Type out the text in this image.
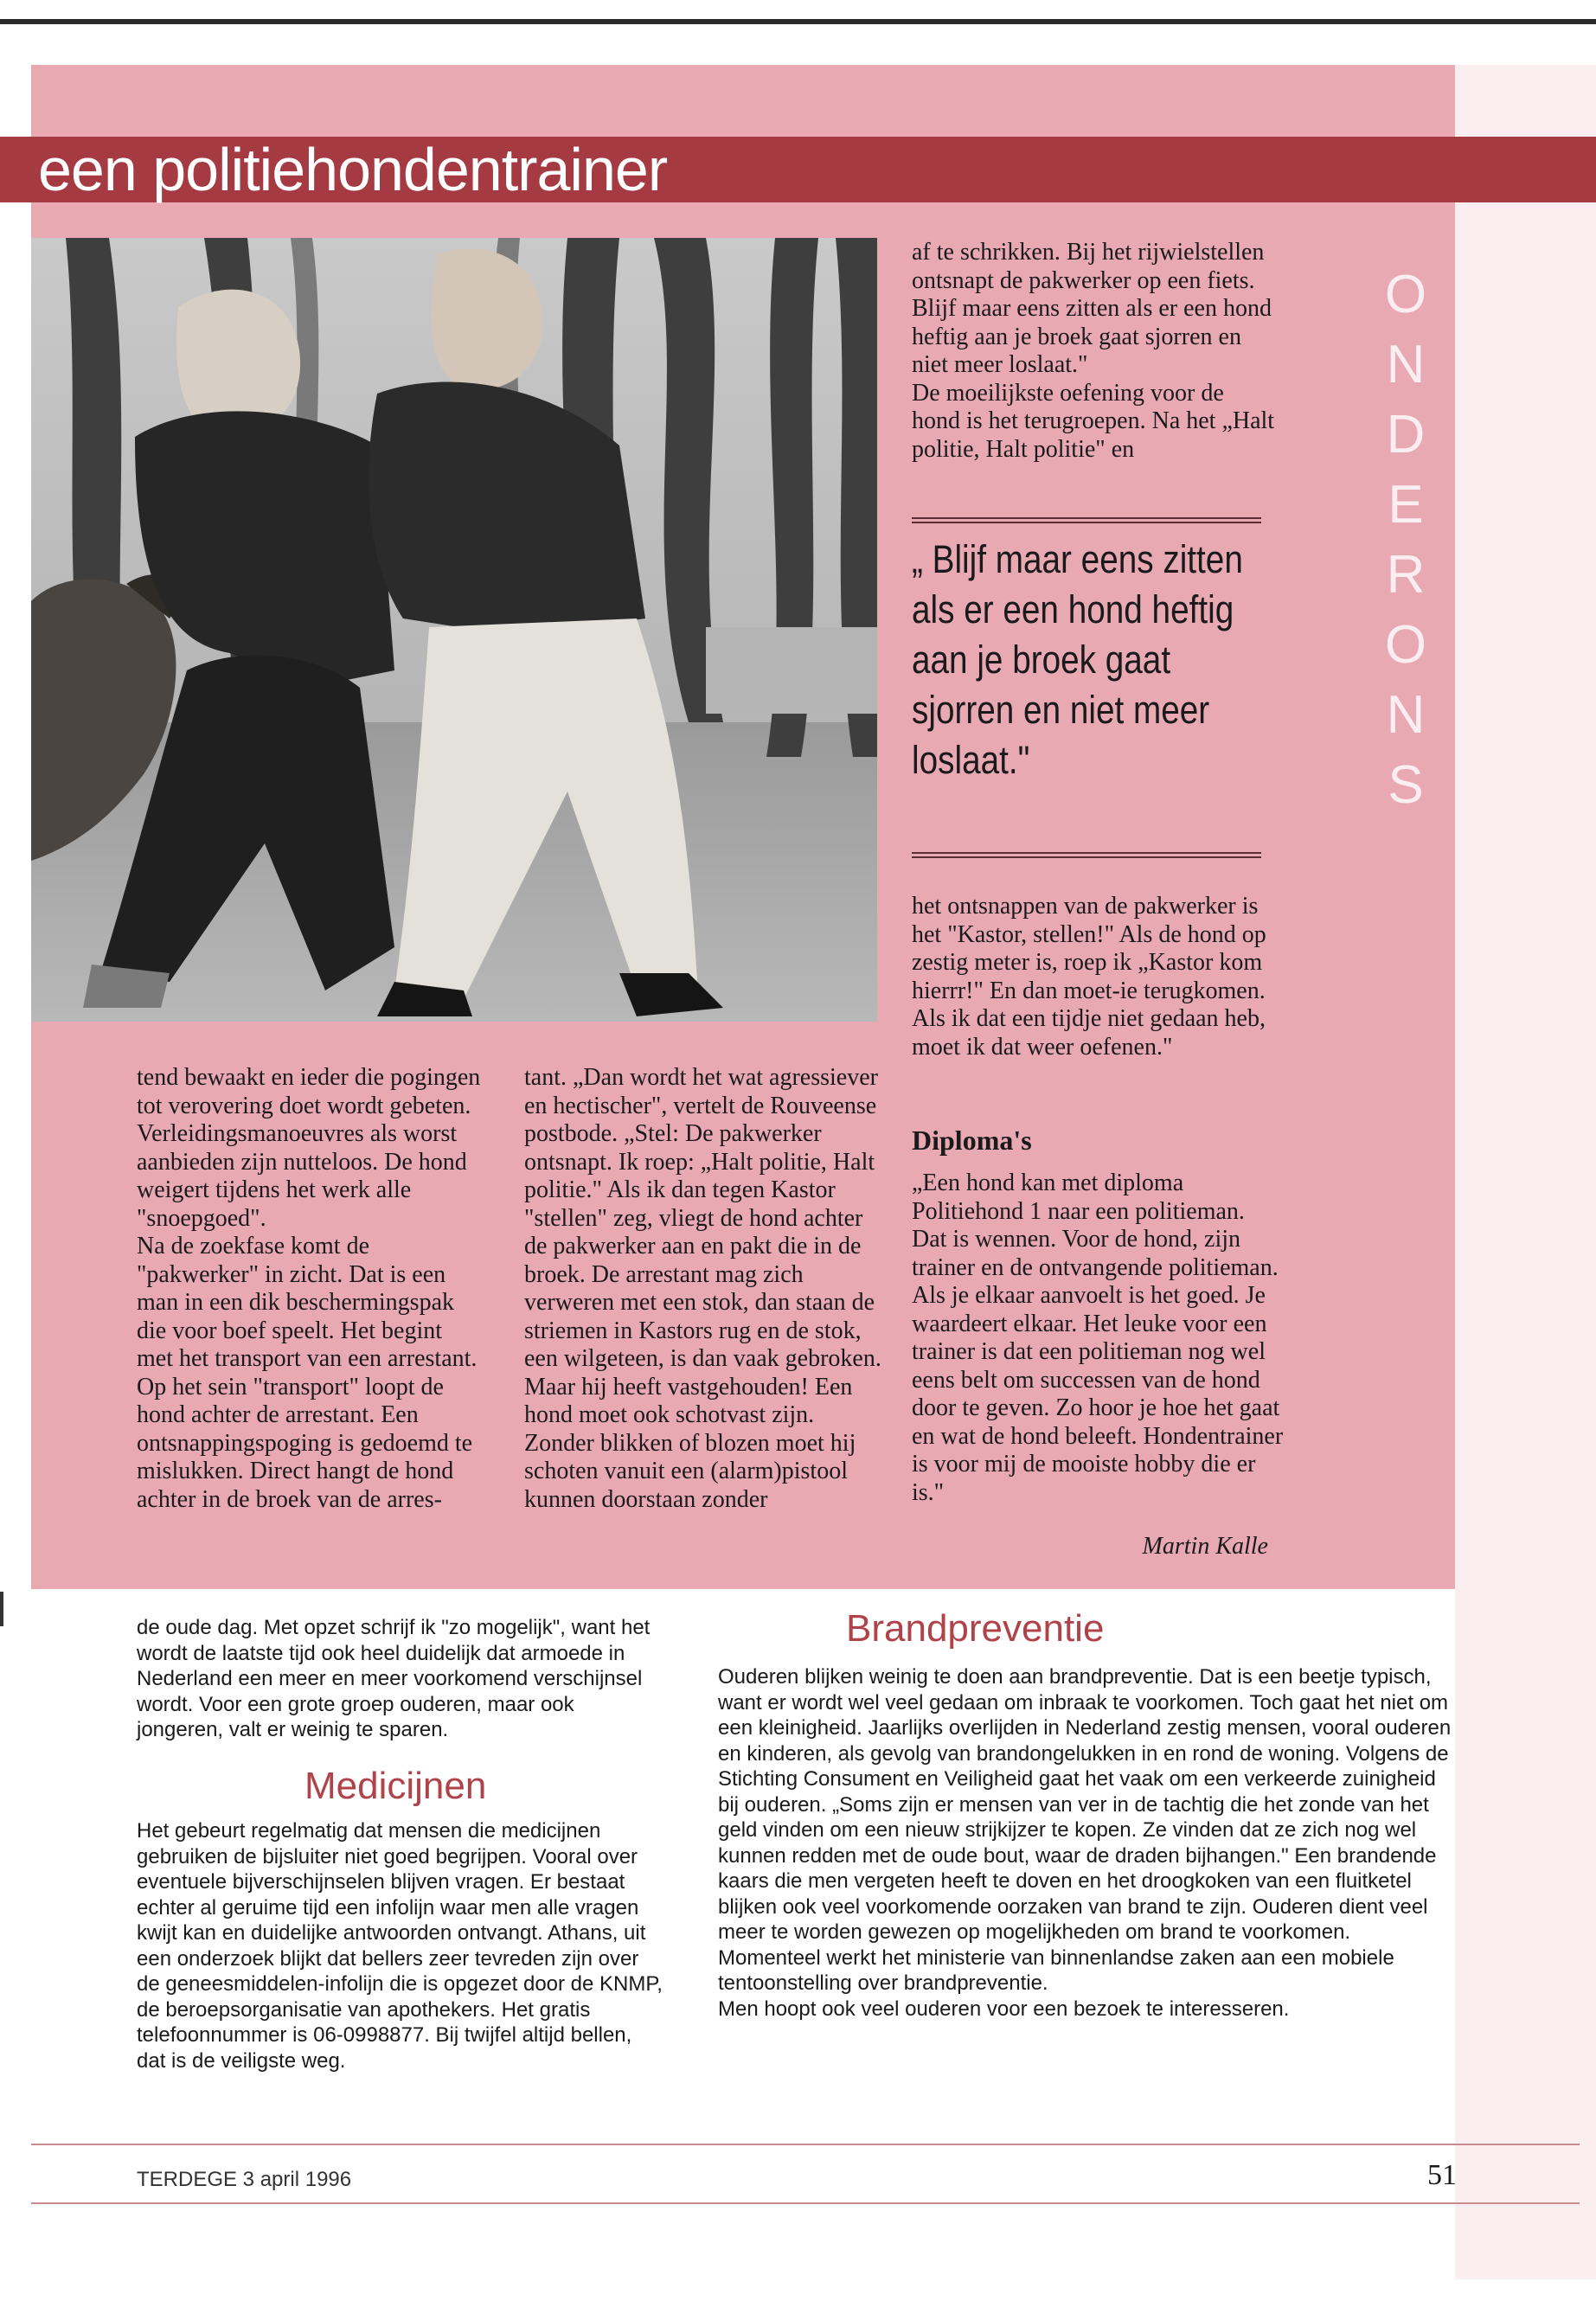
een politiehondentrainer

tend bewaakt en ieder die pogingen tot verovering doet wordt gebeten. Verleidingsmanoeuvres als worst aanbieden zijn nutteloos. De hond weigert tijdens het werk alle "snoepgoed".

Na de zoekfase komt de "pakwerker" in zicht. Dat is een man in een dik beschermingspak die voor boef speelt. Het begint met het transport van een arrestant. Op het sein "transport" loopt de hond achter de arrestant. Een ontsnappingspoging is gedoemd te mislukken. Direct hangt de hond achter in de broek van de arres-

tant. „Dan wordt het wat agressiever en hectischer", vertelt de Rouveense postbode. „Stel: De pakwerker ontsnapt. Ik roep: „Halt politie, Halt politie." Als ik dan tegen Kastor "stellen" zeg, vliegt de hond achter de pakwerker aan en pakt die in de broek. De arrestant mag zich verweren met een stok, dan staan de striemen in Kastors rug en de stok, een wilgeteen, is dan vaak gebroken. Maar hij heeft vastgehouden! Een hond moet ook schotvast zijn. Zonder blikken of blozen moet hij schoten vanuit een (alarm)pistool kunnen doorstaan zonder

af te schrikken. Bij het rijwielstellen ontsnapt de pakwerker op een fiets. Blijf maar eens zitten als er een hond heftig aan je broek gaat sjorren en niet meer loslaat."

De moeilijkste oefening voor de hond is het terugroepen. Na het „Halt politie, Halt politie" en

„ Blijf maar eens zitten als er een hond heftig aan je broek gaat sjorren en niet meer loslaat."

het ontsnappen van de pakwerker is het "Kastor, stellen!" Als de hond op zestig meter is, roep ik „Kastor kom hierrr!" En dan moet-ie terugkomen. Als ik dat een tijdje niet gedaan heb, moet ik dat weer oefenen."

Diploma's

„Een hond kan met diploma Politiehond 1 naar een politieman. Dat is wennen. Voor de hond, zijn trainer en de ontvangende politieman. Als je elkaar aanvoelt is het goed. Je waardeert elkaar. Het leuke voor een trainer is dat een politieman nog wel eens belt om successen van de hond door te geven. Zo hoor je hoe het gaat en wat de hond beleeft. Hondentrainer is voor mij de mooiste hobby die er is."

Martin Kalle

O
N
D
E
R
O
N
S

de oude dag. Met opzet schrijf ik "zo mogelijk", want het wordt de laatste tijd ook heel duidelijk dat armoede in Nederland een meer en meer voorkomend verschijnsel wordt. Voor een grote groep ouderen, maar ook jongeren, valt er weinig te sparen.

Medicijnen

Het gebeurt regelmatig dat mensen die medicijnen gebruiken de bijsluiter niet goed begrijpen. Vooral over eventuele bijverschijnselen blijven vragen. Er bestaat echter al geruime tijd een infolijn waar men alle vragen kwijt kan en duidelijke antwoorden ontvangt. Athans, uit een onderzoek blijkt dat bellers zeer tevreden zijn over de geneesmiddelen-infolijn die is opgezet door de KNMP, de beroepsorganisatie van apothekers. Het gratis telefoonnummer is 06-0998877. Bij twijfel altijd bellen, dat is de veiligste weg.

Brandpreventie

Ouderen blijken weinig te doen aan brandpreventie. Dat is een beetje typisch, want er wordt wel veel gedaan om inbraak te voorkomen. Toch gaat het niet om een kleinigheid. Jaarlijks overlijden in Nederland zestig mensen, vooral ouderen en kinderen, als gevolg van brandongelukken in en rond de woning. Volgens de Stichting Consument en Veiligheid gaat het vaak om een verkeerde zuinigheid bij ouderen. „Soms zijn er mensen van ver in de tachtig die het zonde van het geld vinden om een nieuw strijkijzer te kopen. Ze vinden dat ze zich nog wel kunnen redden met de oude bout, waar de draden bijhangen." Een brandende kaars die men vergeten heeft te doven en het droogkoken van een fluitketel blijken ook veel voorkomende oorzaken van brand te zijn. Ouderen dient veel meer te worden gewezen op mogelijkheden om brand te voorkomen. Momenteel werkt het ministerie van binnenlandse zaken aan een mobiele tentoonstelling over brandpreventie.

Men hoopt ook veel ouderen voor een bezoek te interesseren.

TERDEGE 3 april 1996	51
